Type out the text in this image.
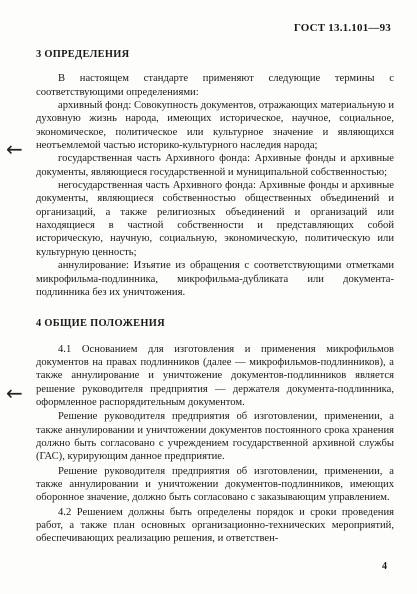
ГОСТ 13.1.101—93
←
←
3 ОПРЕДЕЛЕНИЯ

В настоящем стандарте применяют следующие термины с соответствующими определениями:

архивный фонд: Совокупность документов, отражающих материальную и духовную жизнь народа, имеющих историческое, научное, социальное, экономическое, политическое или культурное значение и являющихся неотъемлемой частью историко-культурного наследия народа;

государственная часть Архивного фонда: Архивные фонды и архивные документы, являющиеся государственной и муниципальной собственностью;

негосударственная часть Архивного фонда: Архивные фонды и архивные документы, являющиеся собственностью общественных объединений и организаций, а также религиозных объединений и организаций или находящиеся в частной собственности и представляющих собой историческую, научную, социальную, экономическую, политическую или культурную ценность;

аннулирование: Изъятие из обращения с соответствующими отметками микрофильма-подлинника, микрофильма-дубликата или документа-подлинника без их уничтожения.

4 ОБЩИЕ ПОЛОЖЕНИЯ

4.1 Основанием для изготовления и применения микрофильмов документов на правах подлинников (далее — микрофильмов-подлинников), а также аннулирование и уничтожение документов-подлинников является решение руководителя предприятия — держателя документа-подлинника, оформленное распорядительным документом.

Решение руководителя предприятия об изготовлении, применении, а также аннулировании и уничтожении документов постоянного срока хранения должно быть согласовано с учреждением государственной архивной службы (ГАС), курирующим данное предприятие.

Решение руководителя предприятия об изготовлении, применении, а также аннулировании и уничтожении документов-подлинников, имеющих оборонное значение, должно быть согласовано с заказывающим управлением.

4.2 Решением должны быть определены порядок и сроки проведения работ, а также план основных организационно-технических мероприятий, обеспечивающих реализацию решения, и ответствен-

4
